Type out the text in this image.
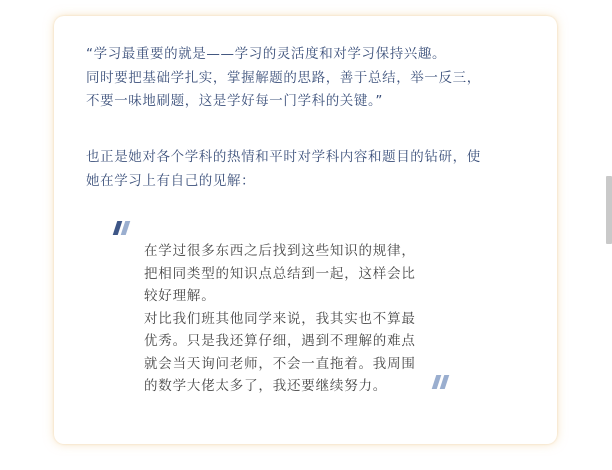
“学习最重要的就是——学习的灵活度和对学习保持兴趣。
同时要把基础学扎实，掌握解题的思路，善于总结，举一反三，
不要一味地刷题，这是学好每一门学科的关键。”

也正是她对各个学科的热情和平时对学科内容和题目的钻研，使
她在学习上有自己的见解：

在学过很多东西之后找到这些知识的规律，
把相同类型的知识点总结到一起，这样会比
较好理解。
对比我们班其他同学来说，我其实也不算最
优秀。只是我还算仔细，遇到不理解的难点
就会当天询问老师，不会一直拖着。我周围
的数学大佬太多了，我还要继续努力。
